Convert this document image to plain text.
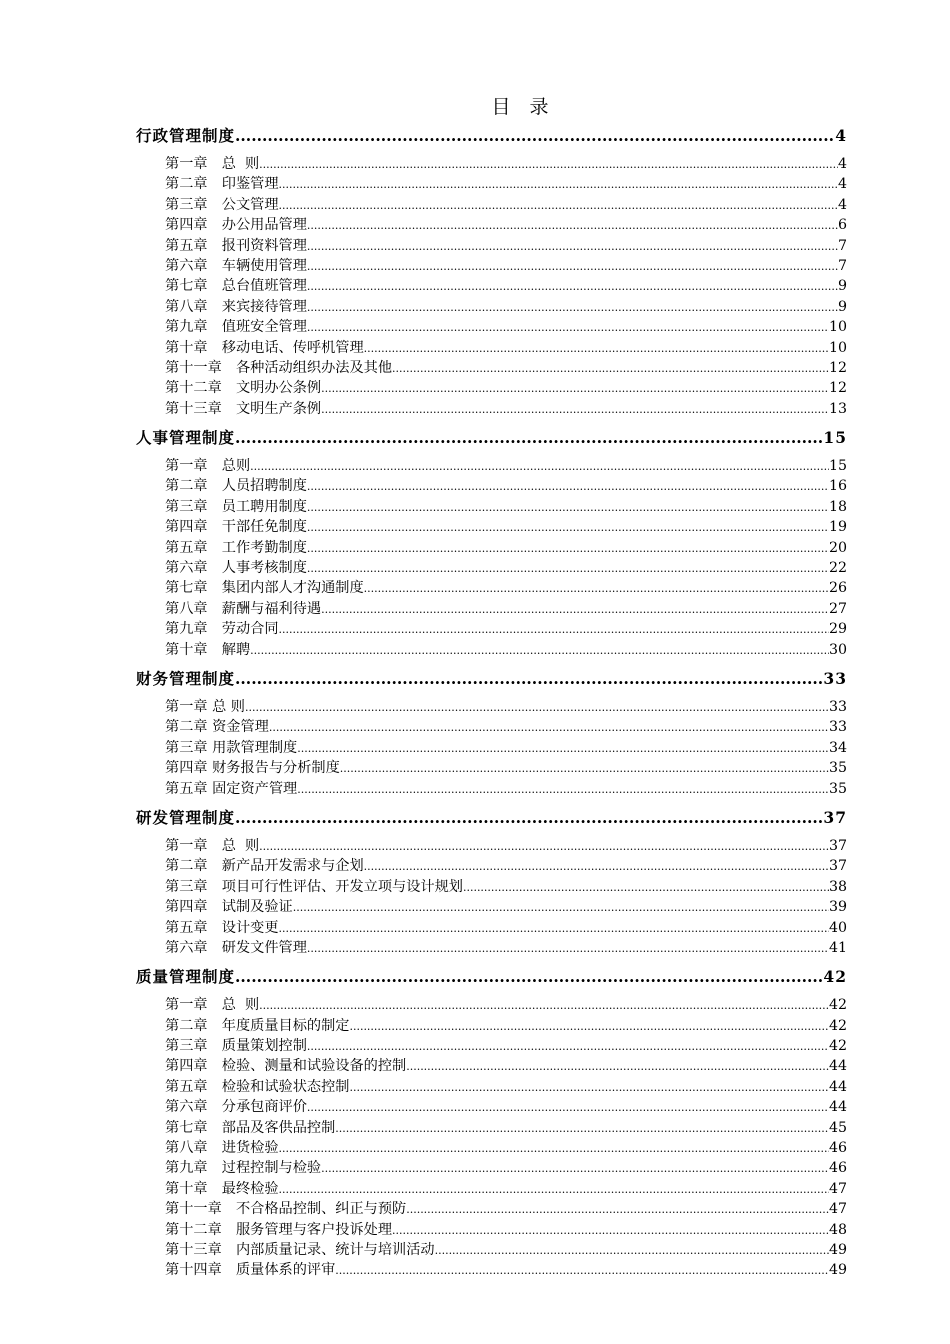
目　录
行政管理制度 .....	4
第一章　总  则 .....	4
第二章　印鉴管理 .....	4
第三章　公文管理 .....	4
第四章　办公用品管理 .....	6
第五章　报刊资料管理 .....	7
第六章　车辆使用管理 .....	7
第七章　总台值班管理 .....	9
第八章　来宾接待管理 .....	9
第九章　值班安全管理 .....	10
第十章　移动电话、传呼机管理 .....	10
第十一章　各种活动组织办法及其他 .....	12
第十二章　文明办公条例 .....	12
第十三章　文明生产条例 .....	13
人事管理制度 .....	15
第一章　总则 .....	15
第二章　人员招聘制度 .....	16
第三章　员工聘用制度 .....	18
第四章　干部任免制度 .....	19
第五章　工作考勤制度 .....	20
第六章　人事考核制度 .....	22
第七章　集团内部人才沟通制度 .....	26
第八章　薪酬与福利待遇 .....	27
第九章　劳动合同 .....	29
第十章　解聘 .....	30
财务管理制度 .....	33
第一章 总 则 .....	33
第二章 资金管理 .....	33
第三章 用款管理制度 .....	34
第四章 财务报告与分析制度 .....	35
第五章 固定资产管理 .....	35
研发管理制度 .....	37
第一章　总  则 .....	37
第二章　新产品开发需求与企划 .....	37
第三章　项目可行性评估、开发立项与设计规划 .....	38
第四章　试制及验证 .....	39
第五章　设计变更 .....	40
第六章　研发文件管理 .....	41
质量管理制度 .....	42
第一章　总  则 .....	42
第二章　年度质量目标的制定 .....	42
第三章　质量策划控制 .....	42
第四章　检验、测量和试验设备的控制 .....	44
第五章　检验和试验状态控制 .....	44
第六章　分承包商评价 .....	44
第七章　部品及客供品控制 .....	45
第八章　进货检验 .....	46
第九章　过程控制与检验 .....	46
第十章　最终检验 .....	47
第十一章　不合格品控制、纠正与预防 .....	47
第十二章　服务管理与客户投诉处理 .....	48
第十三章　内部质量记录、统计与培训活动 .....	49
第十四章　质量体系的评审 .....	49
